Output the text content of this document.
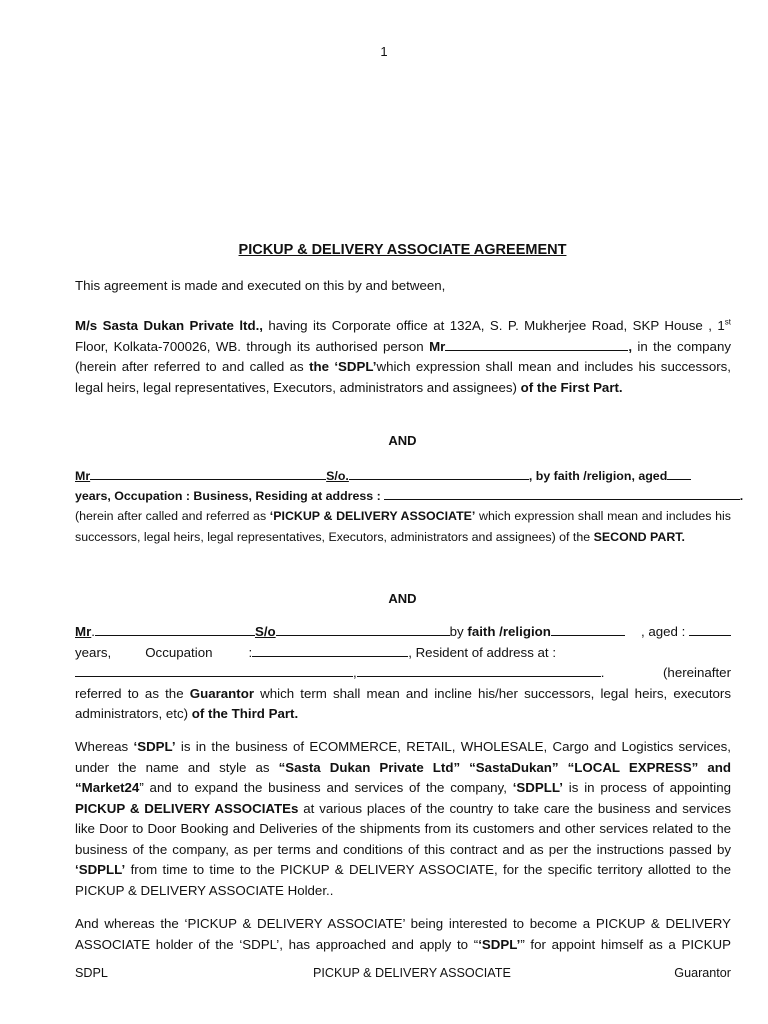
1
PICKUP & DELIVERY ASSOCIATE AGREEMENT
This agreement is made and executed on this by and between,
M/s Sasta Dukan Private ltd., having its Corporate office at 132A, S. P. Mukherjee Road, SKP House , 1st Floor, Kolkata-700026, WB. through its authorised person Mr	, in the company (herein after referred to and called as the ‘SDPL’which expression shall mean and includes his successors, legal heirs, legal representatives, Executors, administrators and assignees) of the First Part.
AND
Mr	S/o.	, by faith /religion, aged
years, Occupation : Business, Residing at address :	.
(herein after called and referred as ‘PICKUP & DELIVERY ASSOCIATE’ which expression shall mean and includes his successors, legal heirs, legal representatives, Executors, administrators and assignees) of the SECOND PART.
AND
Mr.	S/o	by faith /religion	, aged :
years,	Occupation	:	, Resident of address at :
,	.	(hereinafter
referred to as the Guarantor which term shall mean and incline his/her successors, legal heirs, executors administrators, etc) of the Third Part.
Whereas ‘SDPL’ is in the business of ECOMMERCE, RETAIL, WHOLESALE, Cargo and Logistics services, under the name and style as “Sasta Dukan Private Ltd” “SastaDukan” “LOCAL EXPRESS” and “Market24” and to expand the business and services of the company, ‘SDPLL’ is in process of appointing PICKUP & DELIVERY ASSOCIATEs at various places of the country to take care the business and services like Door to Door Booking and Deliveries of the shipments from its customers and other services related to the business of the company, as per terms and conditions of this contract and as per the instructions passed by ‘SDPLL’ from time to time to the PICKUP & DELIVERY ASSOCIATE, for the specific territory allotted to the PICKUP & DELIVERY ASSOCIATE Holder..
And whereas the ‘PICKUP & DELIVERY ASSOCIATE’ being interested to become a PICKUP & DELIVERY ASSOCIATE holder of the ‘SDPL’, has approached and apply to “‘SDPL’” for appoint himself as a PICKUP
SDPL	PICKUP & DELIVERY ASSOCIATE	Guarantor
